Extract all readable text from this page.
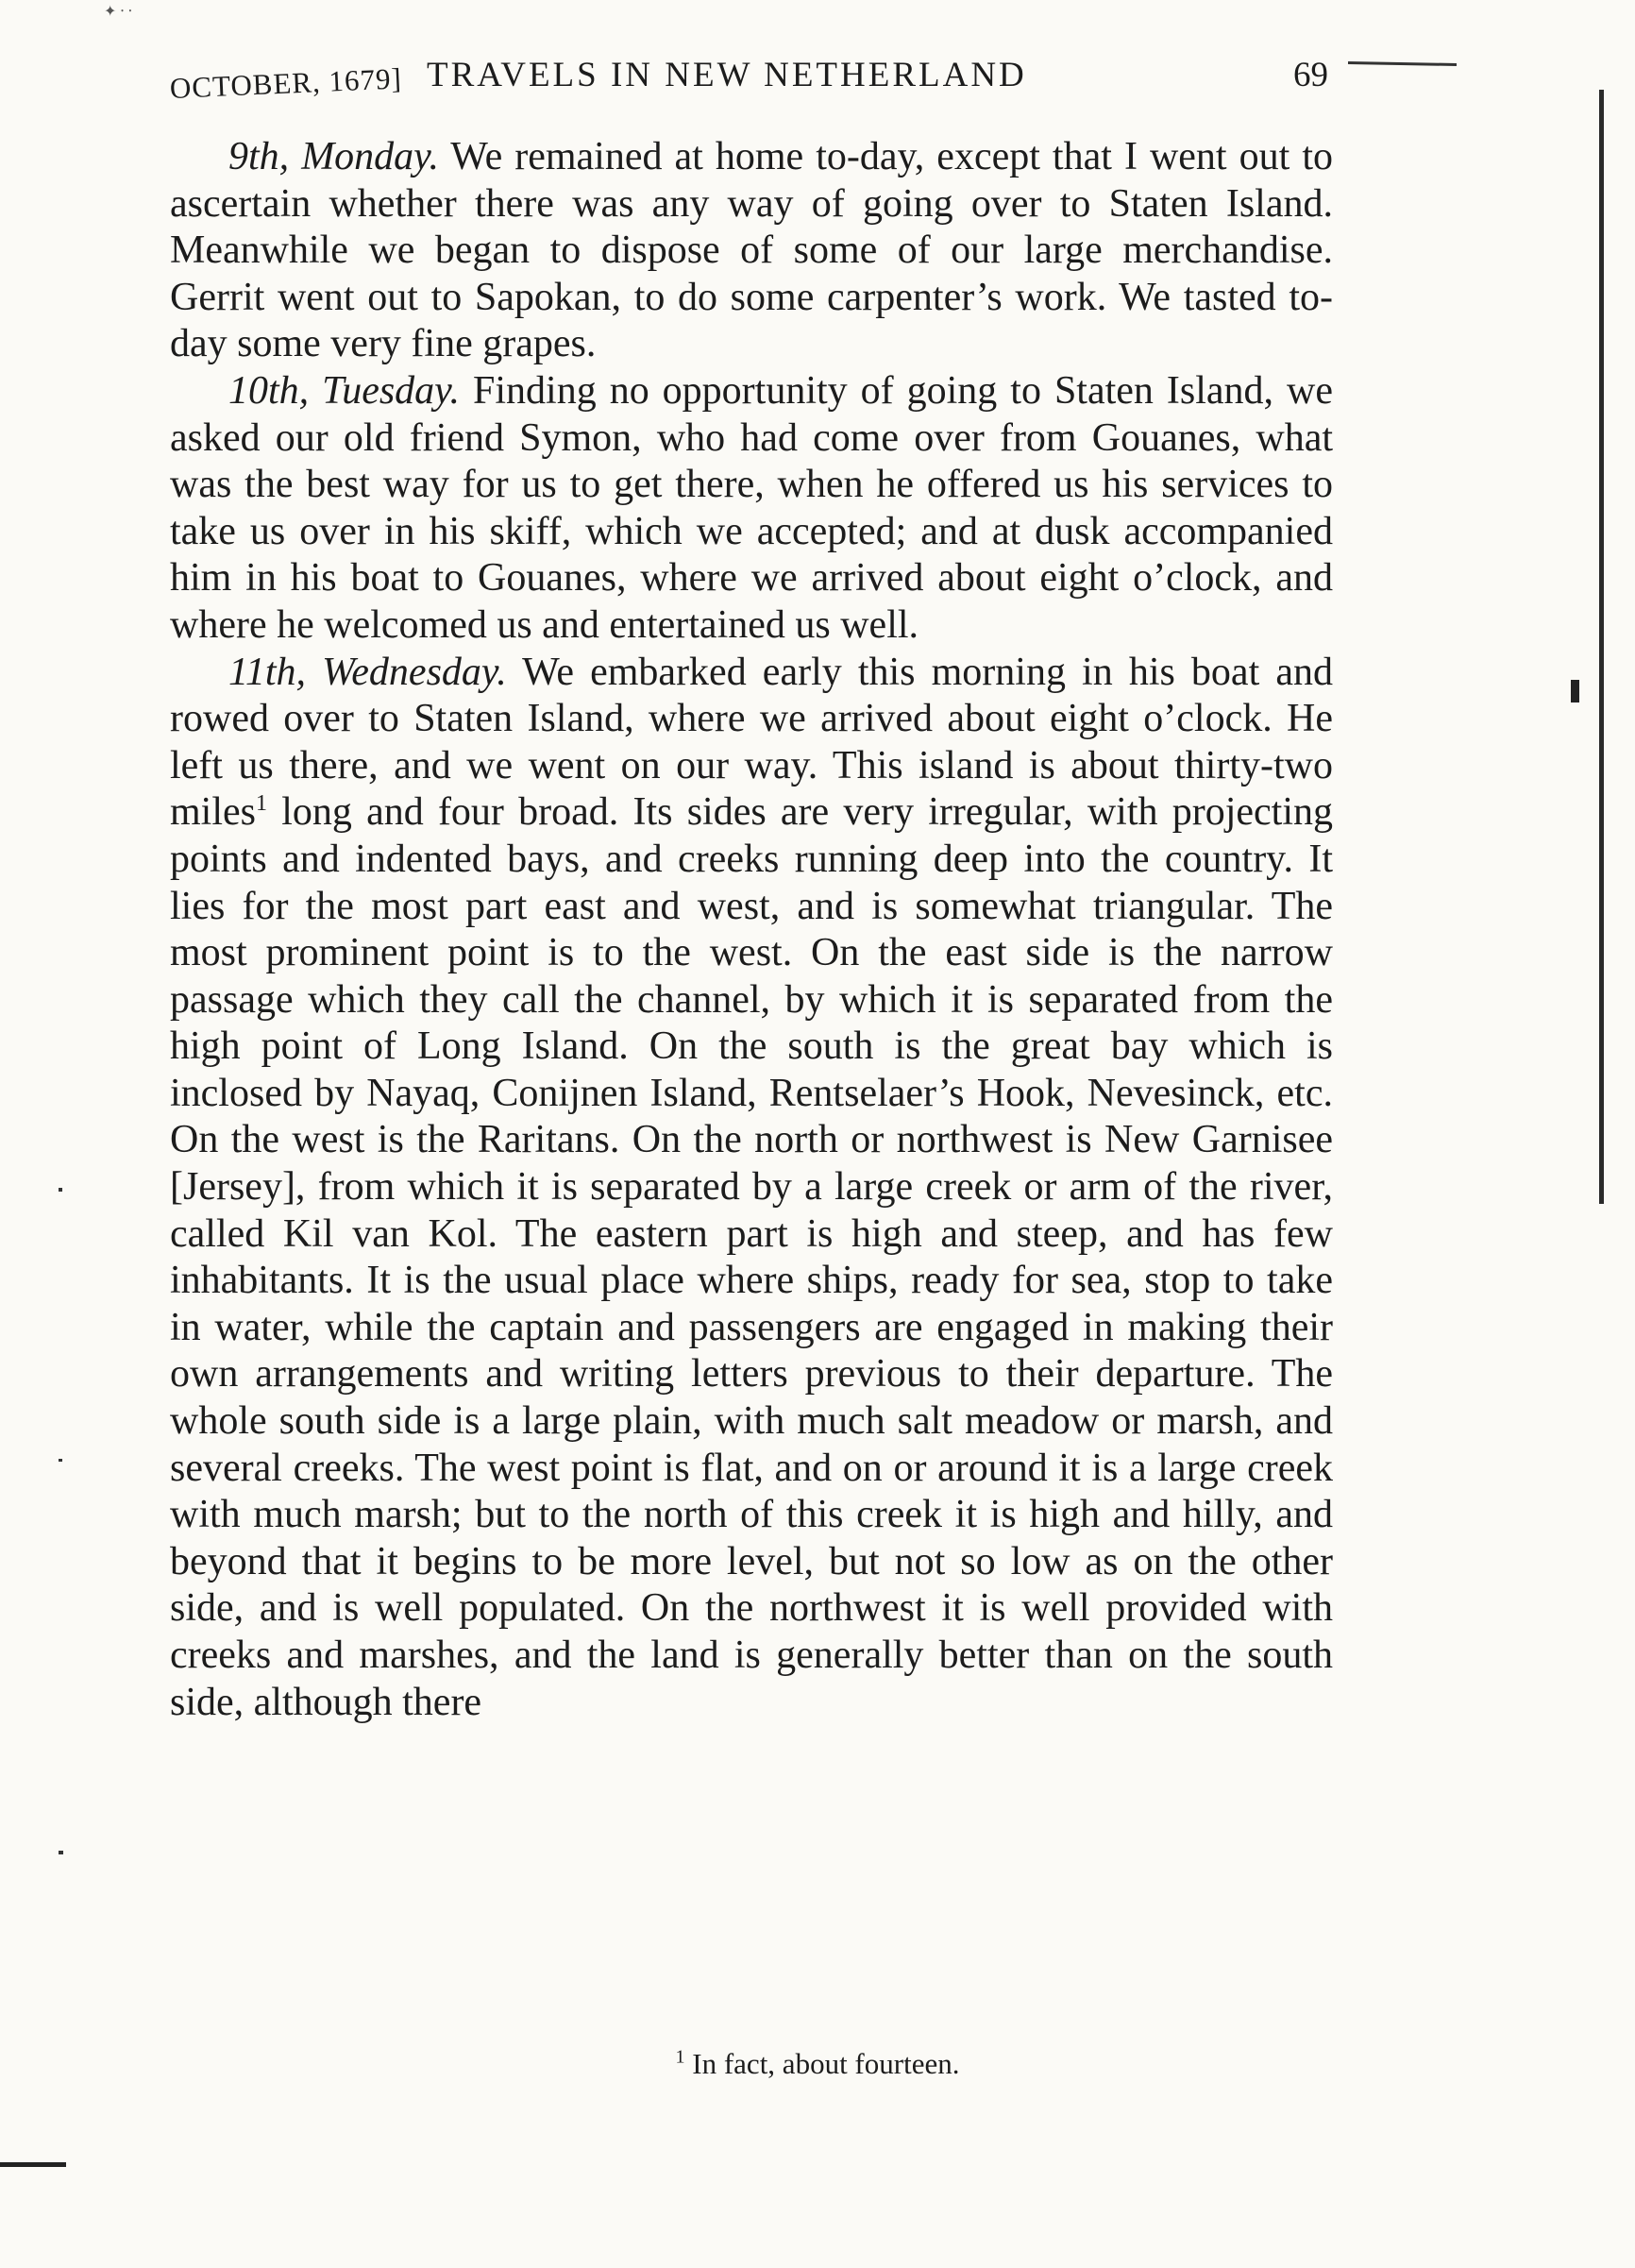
✦ ⸱ ⸱
OCTOBER, 1679] TRAVELS IN NEW NETHERLAND	69

9th, Monday. We remained at home to-day, except that I went out to ascertain whether there was any way of going over to Staten Island. Meanwhile we began to dispose of some of our large merchandise. Gerrit went out to Sapokan, to do some carpenter’s work. We tasted to-day some very fine grapes.

10th, Tuesday. Finding no opportunity of going to Staten Island, we asked our old friend Symon, who had come over from Gouanes, what was the best way for us to get there, when he offered us his services to take us over in his skiff, which we accepted; and at dusk accompanied him in his boat to Gouanes, where we arrived about eight o’clock, and where he welcomed us and entertained us well.

11th, Wednesday. We embarked early this morning in his boat and rowed over to Staten Island, where we arrived about eight o’clock. He left us there, and we went on our way. This island is about thirty-two miles$^1$ long and four broad. Its sides are very irregular, with projecting points and indented bays, and creeks running deep into the country. It lies for the most part east and west, and is somewhat triangular. The most prominent point is to the west. On the east side is the narrow passage which they call the channel, by which it is separated from the high point of Long Island. On the south is the great bay which is inclosed by Nayaq, Conijnen Island, Rentselaer’s Hook, Nevesinck, etc. On the west is the Raritans. On the north or northwest is New Garnisee [Jersey], from which it is separated by a large creek or arm of the river, called Kil van Kol. The eastern part is high and steep, and has few inhabitants. It is the usual place where ships, ready for sea, stop to take in water, while the captain and passengers are engaged in making their own arrangements and writing letters previous to their departure. The whole south side is a large plain, with much salt meadow or marsh, and several creeks. The west point is flat, and on or around it is a large creek with much marsh; but to the north of this creek it is high and hilly, and beyond that it begins to be more level, but not so low as on the other side, and is well populated. On the northwest it is well provided with creeks and marshes, and the land is generally better than on the south side, although there

$^1$ In fact, about fourteen.
